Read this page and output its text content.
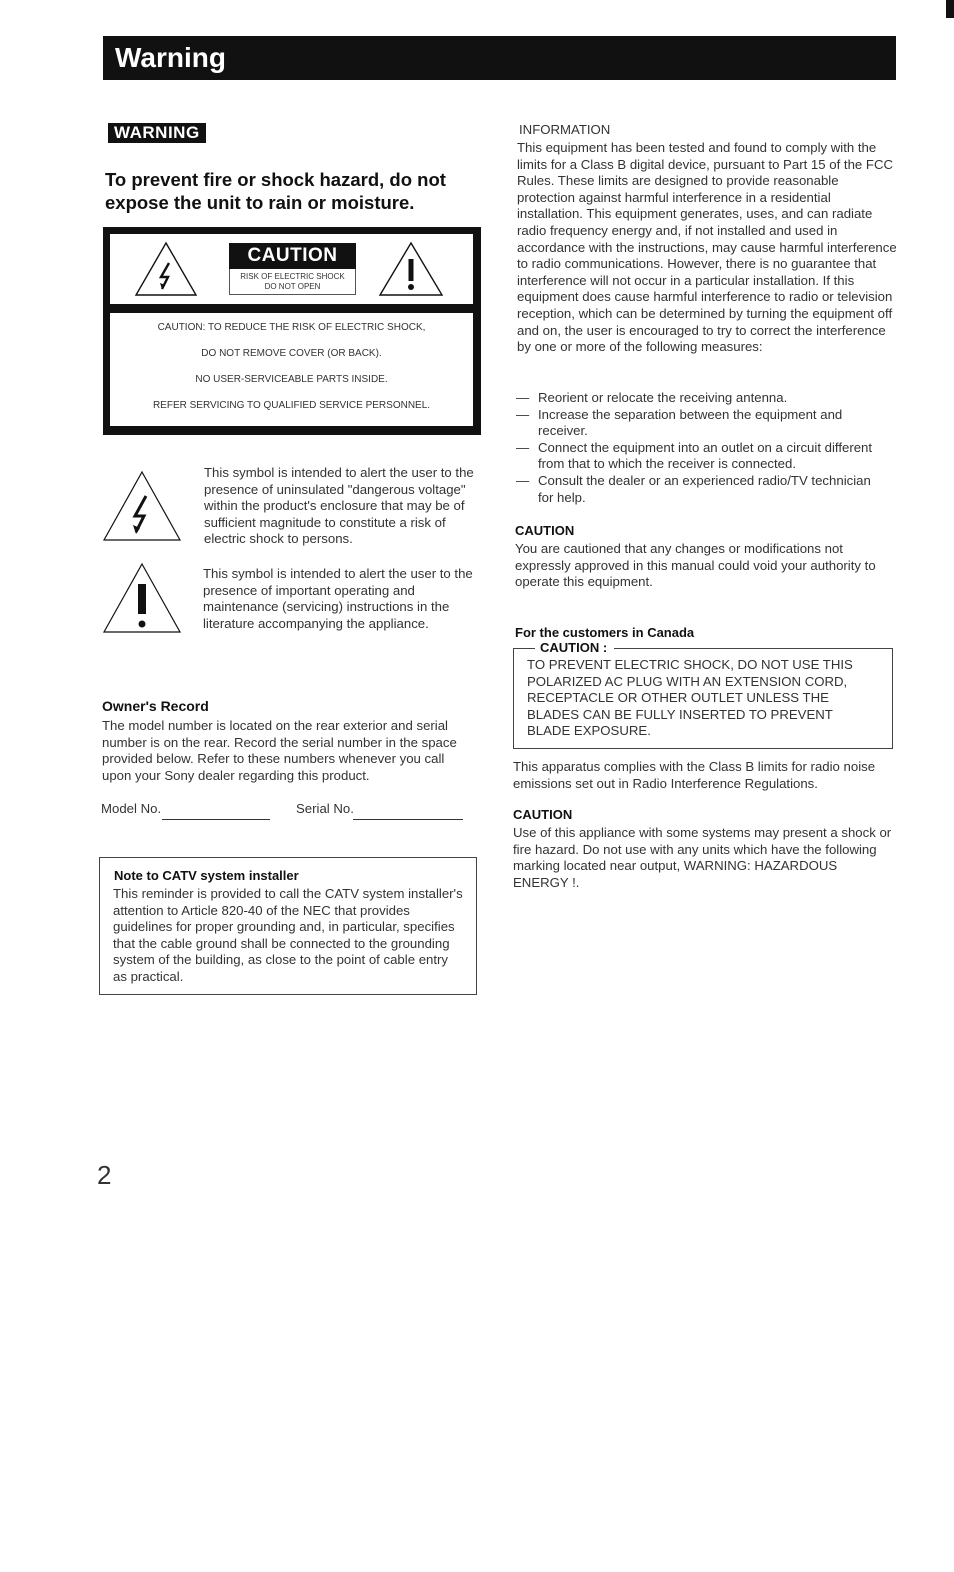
Warning
WARNING
To prevent fire or shock hazard, do not expose the unit to rain or moisture.
CAUTION
RISK OF ELECTRIC SHOCK
DO NOT OPEN
CAUTION: TO REDUCE THE RISK OF ELECTRIC SHOCK,
DO NOT REMOVE COVER (OR BACK).
NO USER-SERVICEABLE PARTS INSIDE.
REFER SERVICING TO QUALIFIED SERVICE PERSONNEL.
This symbol is intended to alert the user to the presence of uninsulated "dangerous voltage" within the product's enclosure that may be of sufficient magnitude to constitute a risk of electric shock to persons.
This symbol is intended to alert the user to the presence of important operating and maintenance (servicing) instructions in the literature accompanying the appliance.
Owner's Record
The model number is located on the rear exterior and serial number is on the rear. Record the serial number in the space provided below. Refer to these numbers whenever you call upon your Sony dealer regarding this product.
Model No.	Serial No.
Note to CATV system installer
This reminder is provided to call the CATV system installer's attention to Article 820-40 of the NEC that provides guidelines for proper grounding and, in particular, specifies that the cable ground shall be connected to the grounding system of the building, as close to the point of cable entry as practical.
2
INFORMATION
This equipment has been tested and found to comply with the limits for a Class B digital device, pursuant to Part 15 of the FCC Rules. These limits are designed to provide reasonable protection against harmful interference in a residential installation. This equipment generates, uses, and can radiate radio frequency energy and, if not installed and used in accordance with the instructions, may cause harmful interference to radio communications. However, there is no guarantee that interference will not occur in a particular installation. If this equipment does cause harmful interference to radio or television reception, which can be determined by turning the equipment off and on, the user is encouraged to try to correct the interference by one or more of the following measures:
— Reorient or relocate the receiving antenna.
— Increase the separation between the equipment and receiver.
— Connect the equipment into an outlet on a circuit different from that to which the receiver is connected.
— Consult the dealer or an experienced radio/TV technician for help.
CAUTION
You are cautioned that any changes or modifications not expressly approved in this manual could void your authority to operate this equipment.
For the customers in Canada
CAUTION :
TO PREVENT ELECTRIC SHOCK, DO NOT USE THIS POLARIZED AC PLUG WITH AN EXTENSION CORD, RECEPTACLE OR OTHER OUTLET UNLESS THE BLADES CAN BE FULLY INSERTED TO PREVENT BLADE EXPOSURE.
This apparatus complies with the Class B limits for radio noise emissions set out in Radio Interference Regulations.
CAUTION
Use of this appliance with some systems may present a shock or fire hazard. Do not use with any units which have the following marking located near output, WARNING: HAZARDOUS ENERGY !.
